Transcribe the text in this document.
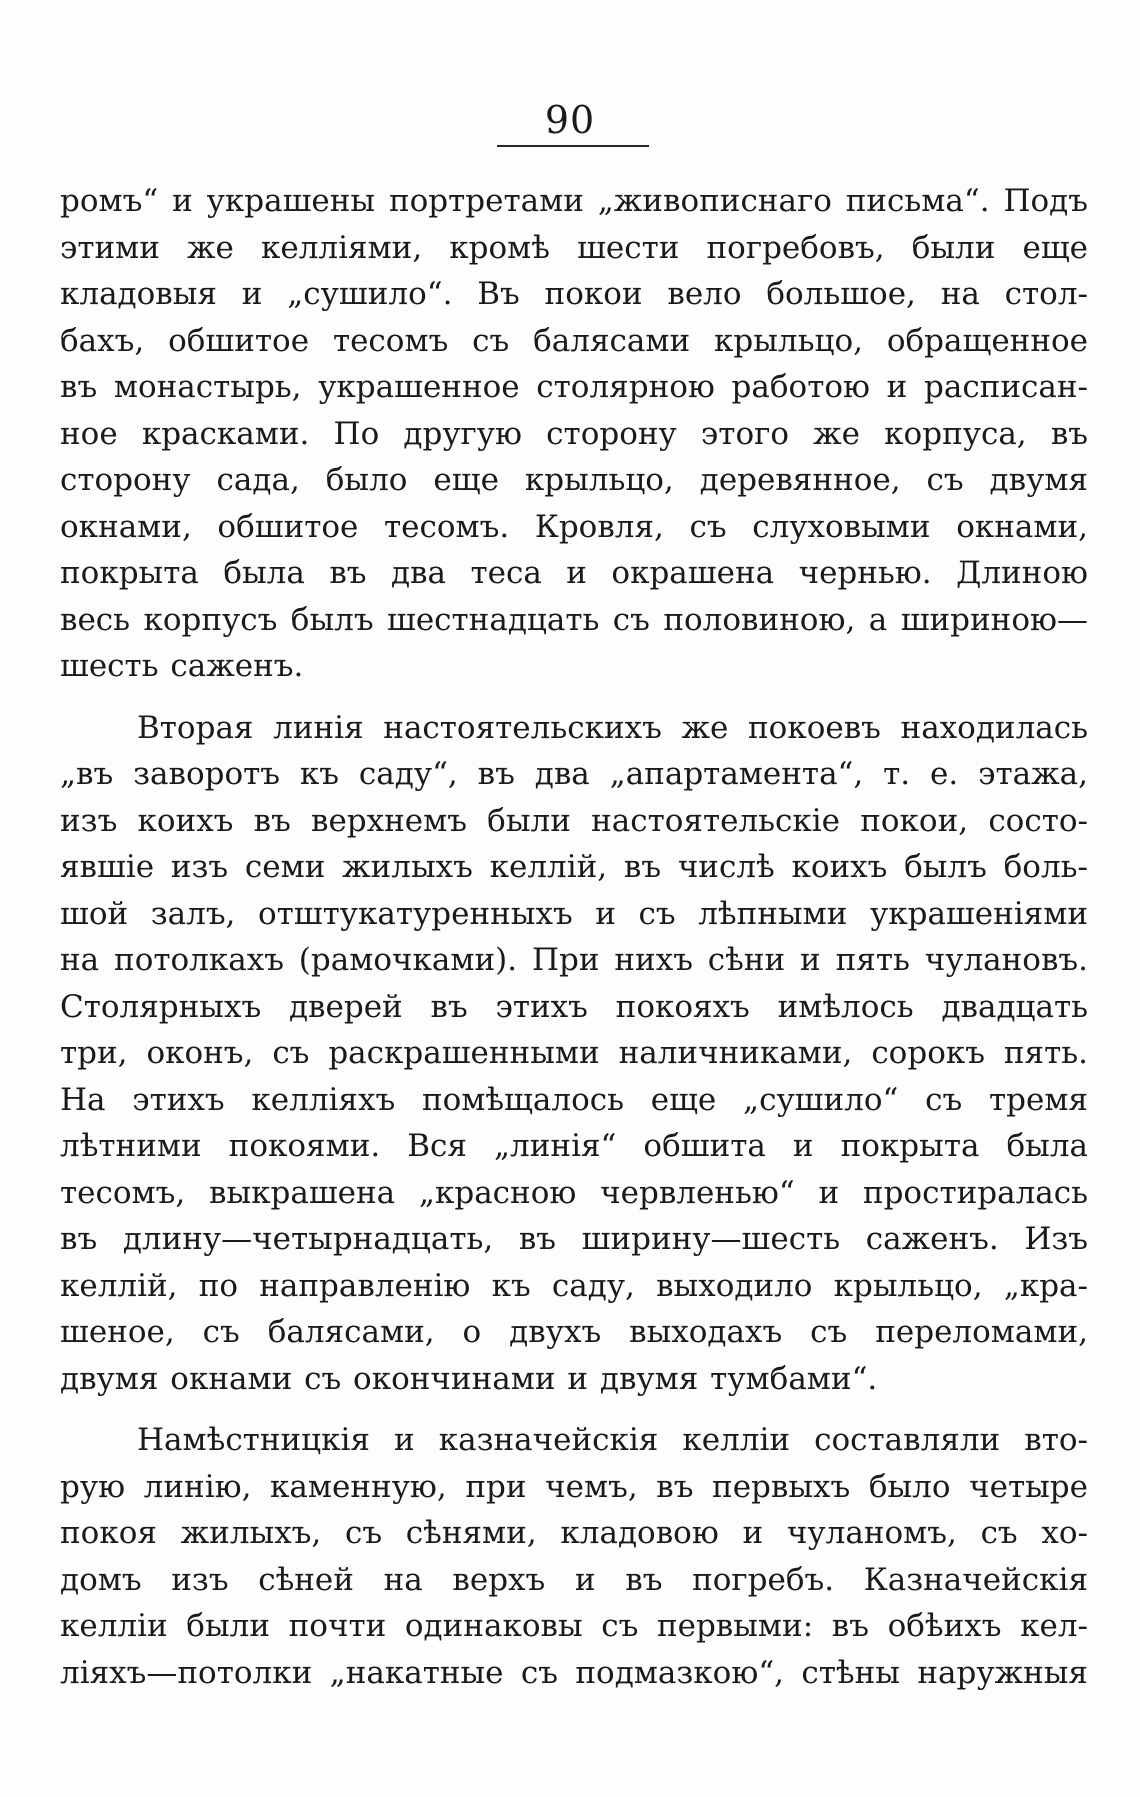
90
ромъ“ и украшены портретами „живописнаго письма“. Подъ
этими же келліями, кромѣ шести погребовъ, были еще
кладовыя и „сушило“. Въ покои вело большое, на стол-
бахъ, обшитое тесомъ съ балясами крыльцо, обращенное
въ монастырь, украшенное столярною работою и расписан-
ное красками. По другую сторону этого же корпуса, въ
сторону сада, было еще крыльцо, деревянное, съ двумя
окнами, обшитое тесомъ. Кровля, съ слуховыми окнами,
покрыта была въ два теса и окрашена чернью. Длиною
весь корпусъ былъ шестнадцать съ половиною, а шириною—
шесть саженъ.
Вторая линія настоятельскихъ же покоевъ находилась
„въ заворотъ къ саду“, въ два „апартамента“, т. е. этажа,
изъ коихъ въ верхнемъ были настоятельскіе покои, состо-
явшіе изъ семи жилыхъ келлій, въ числѣ коихъ былъ боль-
шой залъ, отштукатуренныхъ и съ лѣпными украшеніями
на потолкахъ (рамочками). При нихъ сѣни и пять чулановъ.
Столярныхъ дверей въ этихъ покояхъ имѣлось двадцать
три, оконъ, съ раскрашенными наличниками, сорокъ пять.
На этихъ келліяхъ помѣщалось еще „сушило“ съ тремя
лѣтними покоями. Вся „линія“ обшита и покрыта была
тесомъ, выкрашена „красною червленью“ и простиралась
въ длину—четырнадцать, въ ширину—шесть саженъ. Изъ
келлій, по направленію къ саду, выходило крыльцо, „кра-
шеное, съ балясами, о двухъ выходахъ съ переломами,
двумя окнами съ окончинами и двумя тумбами“.
Намѣстницкія и казначейскія келліи составляли вто-
рую линію, каменную, при чемъ, въ первыхъ было четыре
покоя жилыхъ, съ сѣнями, кладовою и чуланомъ, съ хо-
домъ изъ сѣней на верхъ и въ погребъ. Казначейскія
келліи были почти одинаковы съ первыми: въ обѣихъ кел-
ліяхъ—потолки „накатные съ подмазкою“, стѣны наружныя
